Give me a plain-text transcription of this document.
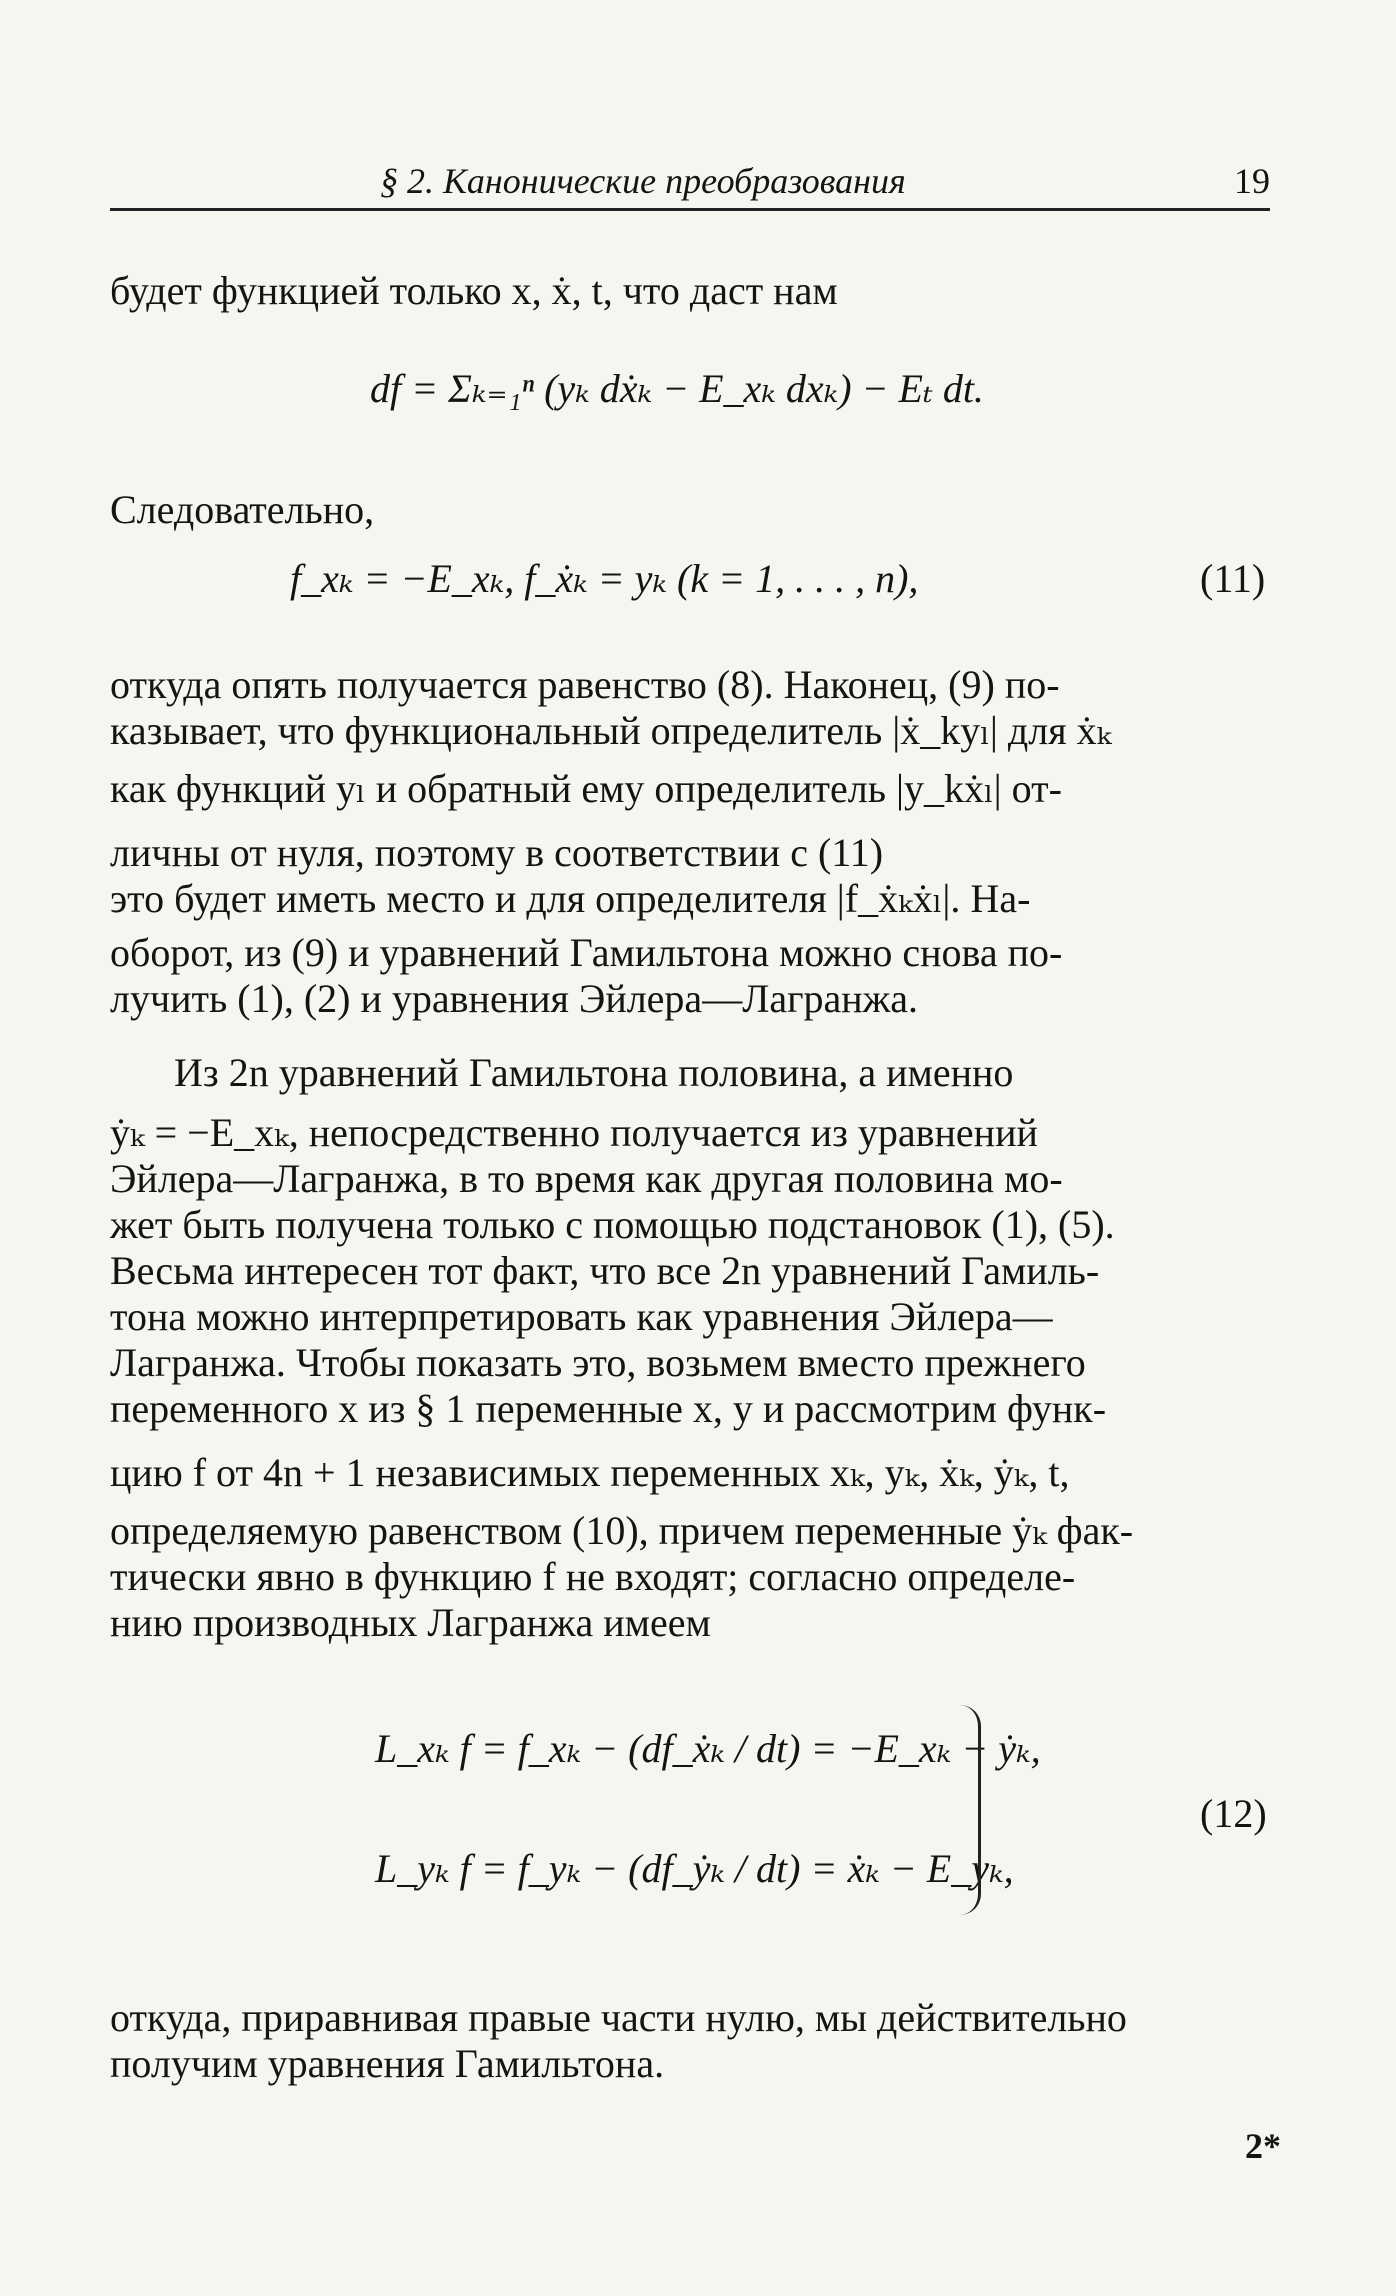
§ 2. Канонические преобразования	19
будет функцией только x, ẋ, t, что даст нам
df = Σₖ₌₁ⁿ (yₖ dẋₖ − E_xₖ dxₖ) − Eₜ dt.
Следовательно,
f_xₖ = −E_xₖ, f_ẋₖ = yₖ (k = 1, . . . , n),	(11)
откуда опять получается равенство (8). Наконец, (9) по-
казывает, что функциональный определитель |ẋ_kyₗ| для ẋₖ
как функций yₗ и обратный ему определитель |y_kẋₗ| от-
личны от нуля, поэтому в соответствии с (11)
это будет иметь место и для определителя |f_ẋₖẋₗ|. На-
оборот, из (9) и уравнений Гамильтона можно снова по-
лучить (1), (2) и уравнения Эйлера—Лагранжа.
Из 2n уравнений Гамильтона половина, а именно
ẏₖ = −E_xₖ, непосредственно получается из уравнений
Эйлера—Лагранжа, в то время как другая половина мо-
жет быть получена только с помощью подстановок (1), (5).
Весьма интересен тот факт, что все 2n уравнений Гамиль-
тона можно интерпретировать как уравнения Эйлера—
Лагранжа. Чтобы показать это, возьмем вместо прежнего
переменного x из § 1 переменные x, y и рассмотрим функ-
цию f от 4n + 1 независимых переменных xₖ, yₖ, ẋₖ, ẏₖ, t,
определяемую равенством (10), причем переменные ẏₖ фак-
тически явно в функцию f не входят; согласно определе-
нию производных Лагранжа имеем
L_xₖ f = f_xₖ − (df_ẋₖ / dt) = −E_xₖ − ẏₖ,
L_yₖ f = f_yₖ − (df_ẏₖ / dt) = ẋₖ − E_yₖ,
(12)
откуда, приравнивая правые части нулю, мы действительно
получим уравнения Гамильтона.
2*
